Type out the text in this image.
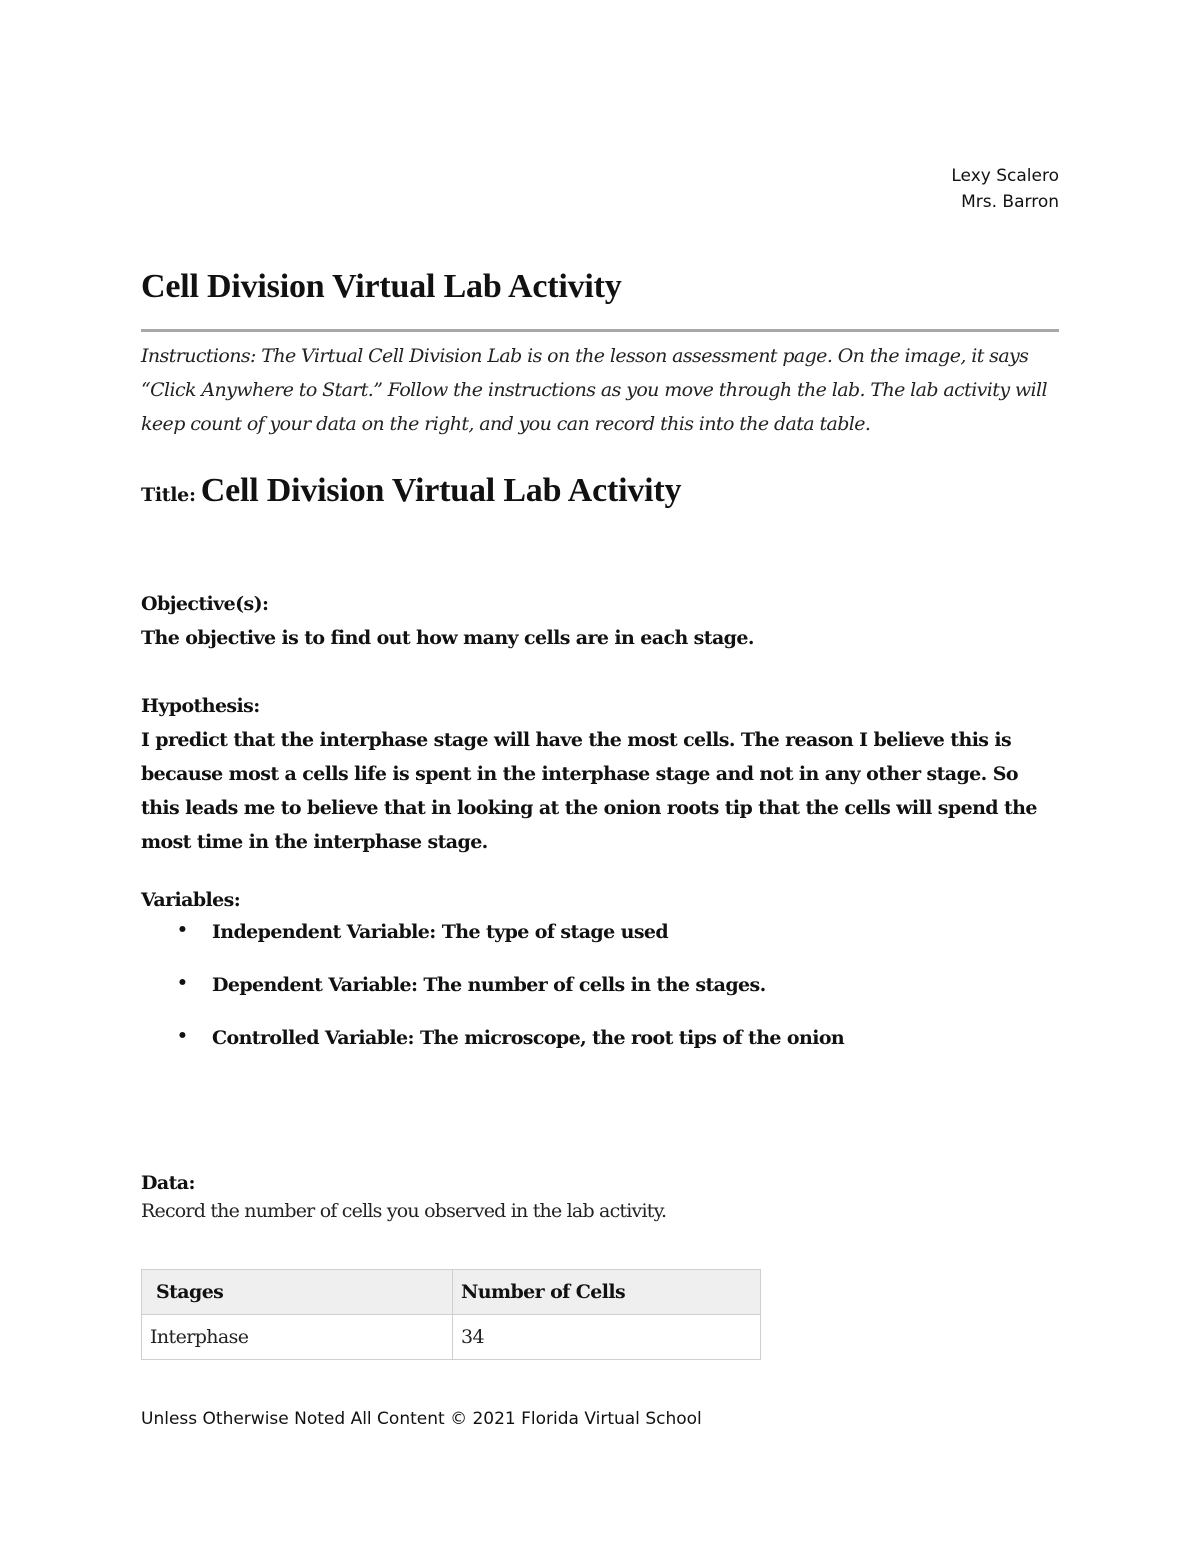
Lexy Scalero
Mrs. Barron
Cell Division Virtual Lab Activity

Instructions: The Virtual Cell Division Lab is on the lesson assessment page. On the image, it says “Click Anywhere to Start.” Follow the instructions as you move through the lab. The lab activity will keep count of your data on the right, and you can record this into the data table.

Title: Cell Division Virtual Lab Activity

Objective(s):

The objective is to find out how many cells are in each stage.

Hypothesis:

I predict that the interphase stage will have the most cells. The reason I believe this is because most a cells life is spent in the interphase stage and not in any other stage. So this leads me to believe that in looking at the onion roots tip that the cells will spend the most time in the interphase stage.

Variables:

• Independent Variable: The type of stage used
• Dependent Variable: The number of cells in the stages.
• Controlled Variable: The microscope, the root tips of the onion

Data:

Record the number of cells you observed in the lab activity.

Stages	Number of Cells
Interphase	34

Unless Otherwise Noted All Content © 2021 Florida Virtual School
